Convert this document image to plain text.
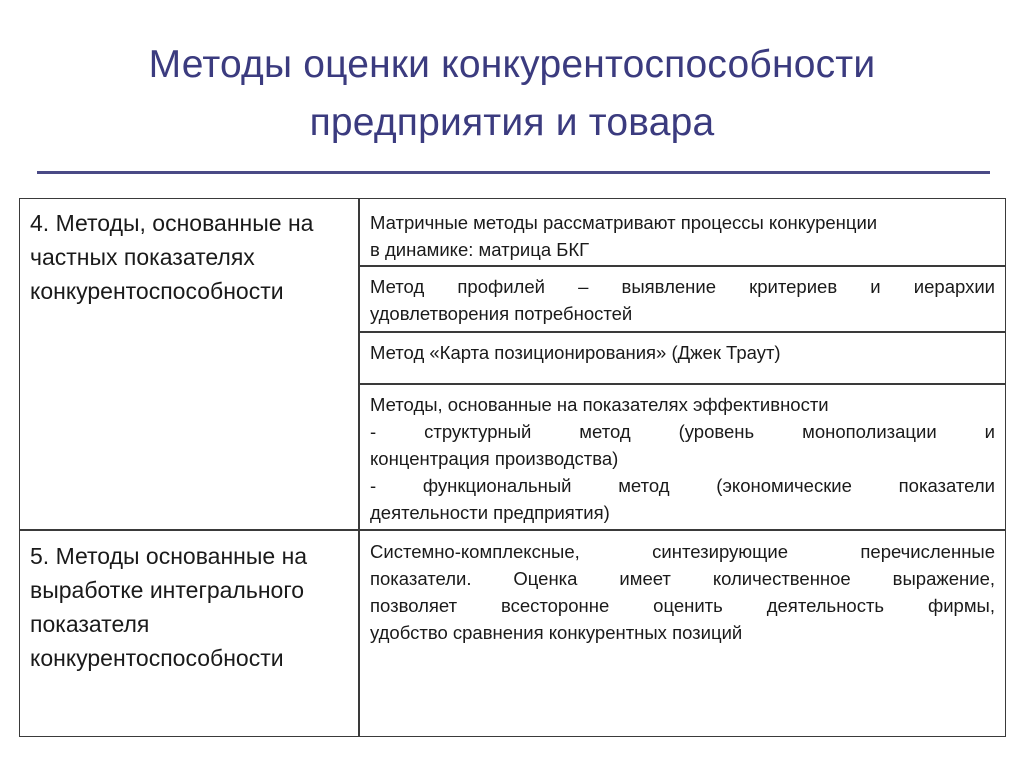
Методы оценки конкурентоспособности
предприятия и товара
4. Методы, основанные на частных показателях конкурентоспособности
Матричные методы рассматривают процессы конкуренции
в динамике: матрица БКГ
Метод профилей – выявление критериев и иерархии
удовлетворения потребностей
Метод «Карта позиционирования» (Джек Траут)
Методы, основанные на показателях эффективности
- структурный метод (уровень монополизации и
концентрация производства)
- функциональный метод (экономические показатели
деятельности предприятия)
5. Методы основанные на выработке интегрального показателя конкурентоспособности
Системно-комплексные, синтезирующие перечисленные
показатели. Оценка имеет количественное выражение,
позволяет всесторонне оценить деятельность фирмы,
удобство сравнения конкурентных позиций
